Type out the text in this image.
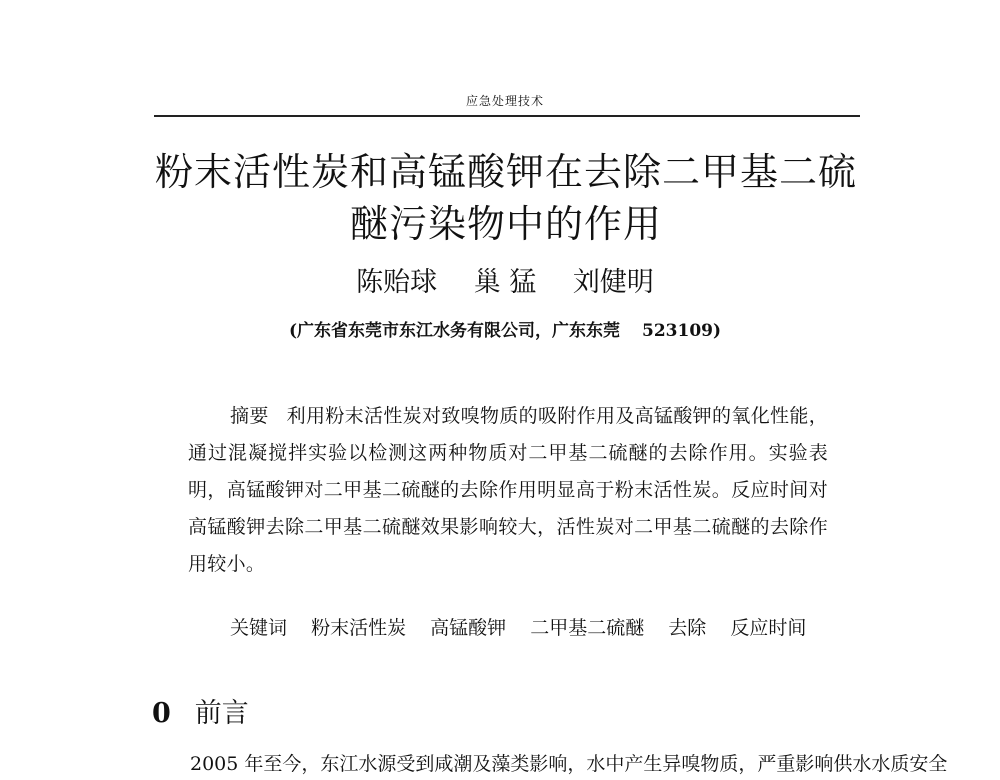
应急处理技术
粉末活性炭和高锰酸钾在去除二甲基二硫
醚污染物中的作用
陈贻球 巢 猛 刘健明
(广东省东莞市东江水务有限公司，广东东莞 523109)
摘要 利用粉末活性炭对致嗅物质的吸附作用及高锰酸钾的氧化性能，通过混凝搅拌实验以检测这两种物质对二甲基二硫醚的去除作用。实验表明，高锰酸钾对二甲基二硫醚的去除作用明显高于粉末活性炭。反应时间对高锰酸钾去除二甲基二硫醚效果影响较大，活性炭对二甲基二硫醚的去除作用较小。
关键词 粉末活性炭 高锰酸钾 二甲基二硫醚 去除 反应时间
0 前言
2005 年至今，东江水源受到咸潮及藻类影响，水中产生异嗅物质，严重影响供水水质安全
